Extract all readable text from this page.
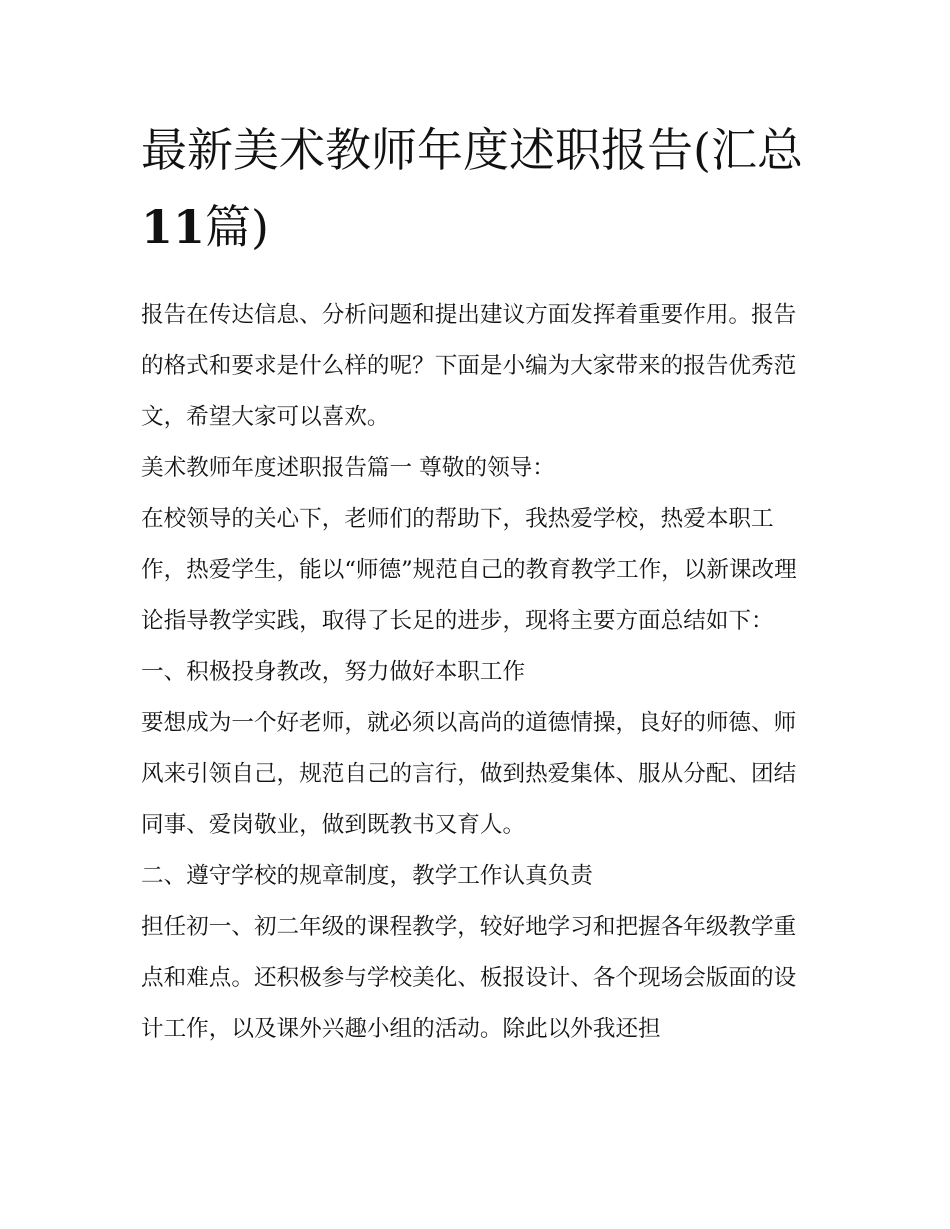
最新美术教师年度述职报告(汇总11篇)

报告在传达信息、分析问题和提出建议方面发挥着重要作用。报告的格式和要求是什么样的呢？下面是小编为大家带来的报告优秀范文，希望大家可以喜欢。

美术教师年度述职报告篇一 尊敬的领导：

在校领导的关心下，老师们的帮助下，我热爱学校，热爱本职工作，热爱学生，能以“师德”规范自己的教育教学工作，以新课改理论指导教学实践，取得了长足的进步，现将主要方面总结如下：

一、积极投身教改，努力做好本职工作

要想成为一个好老师，就必须以高尚的道德情操，良好的师德、师风来引领自己，规范自己的言行，做到热爱集体、服从分配、团结同事、爱岗敬业，做到既教书又育人。

二、遵守学校的规章制度，教学工作认真负责

担任初一、初二年级的课程教学，较好地学习和把握各年级教学重点和难点。还积极参与学校美化、板报设计、各个现场会版面的设计工作，以及课外兴趣小组的活动。除此以外我还担
